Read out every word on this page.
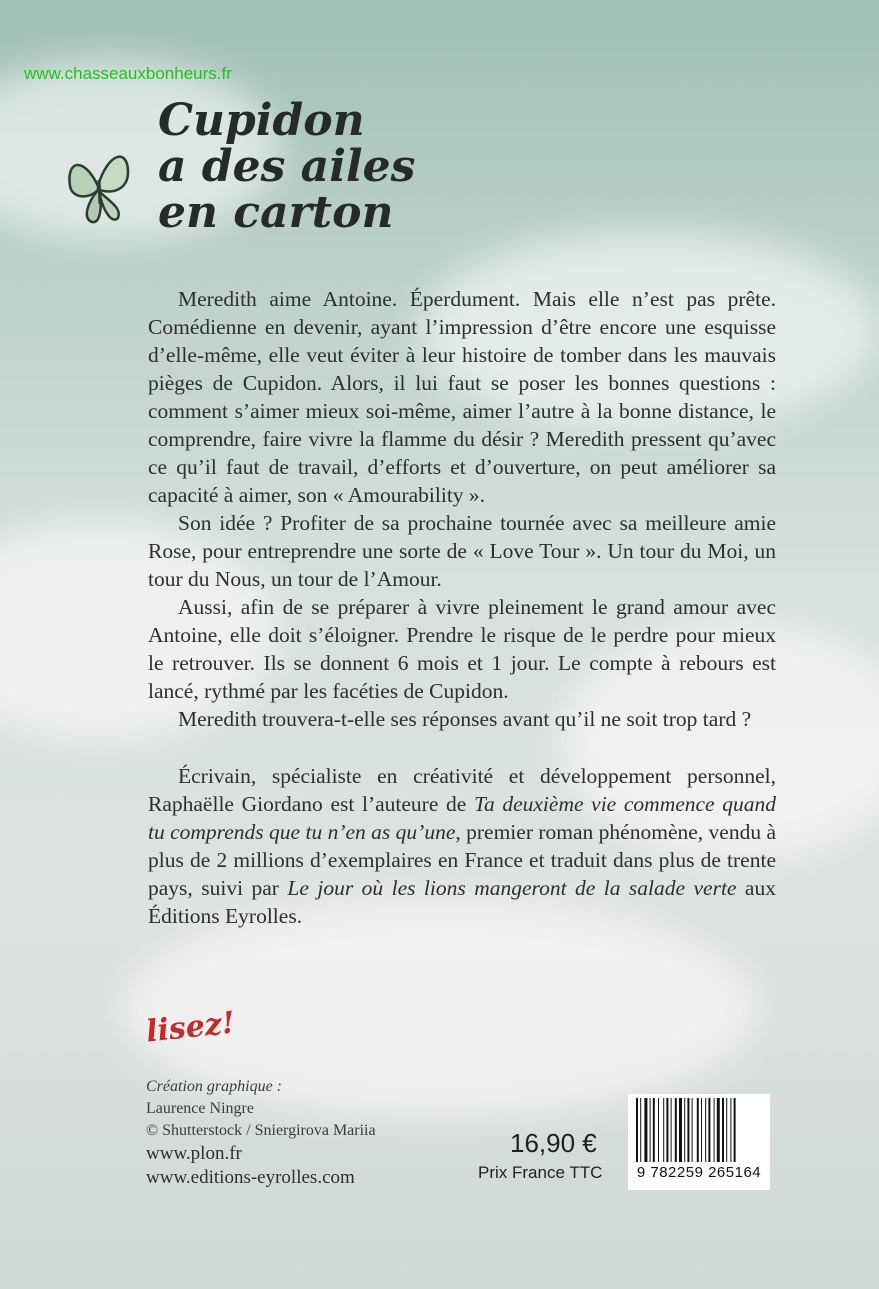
www.chasseauxbonheurs.fr
Cupidon
a des ailes
en carton

Meredith aime Antoine. Éperdument. Mais elle n’est pas prête. Comédienne en devenir, ayant l’impression d’être encore une esquisse d’elle-même, elle veut éviter à leur histoire de tomber dans les mauvais pièges de Cupidon. Alors, il lui faut se poser les bonnes questions : comment s’aimer mieux soi-même, aimer l’autre à la bonne distance, le comprendre, faire vivre la flamme du désir ? Meredith pressent qu’avec ce qu’il faut de travail, d’efforts et d’ouverture, on peut améliorer sa capacité à aimer, son « Amourability ».

Son idée ? Profiter de sa prochaine tournée avec sa meilleure amie Rose, pour entreprendre une sorte de « Love Tour ». Un tour du Moi, un tour du Nous, un tour de l’Amour.

Aussi, afin de se préparer à vivre pleinement le grand amour avec Antoine, elle doit s’éloigner. Prendre le risque de le perdre pour mieux le retrouver. Ils se donnent 6 mois et 1 jour. Le compte à rebours est lancé, rythmé par les facéties de Cupidon.

Meredith trouvera-t-elle ses réponses avant qu’il ne soit trop tard ?

Écrivain, spécialiste en créativité et développement personnel, Raphaëlle Giordano est l’auteure de Ta deuxième vie commence quand tu comprends que tu n’en as qu’une, premier roman phénomène, vendu à plus de 2 millions d’exemplaires en France et traduit dans plus de trente pays, suivi par Le jour où les lions mangeront de la salade verte aux Éditions Eyrolles.

lisez!
Création graphique :
Laurence Ningre
© Shutterstock / Sniergirova Mariia
www.plon.fr
www.editions-eyrolles.com
16,90 €
Prix France TTC 9 782259 265164
